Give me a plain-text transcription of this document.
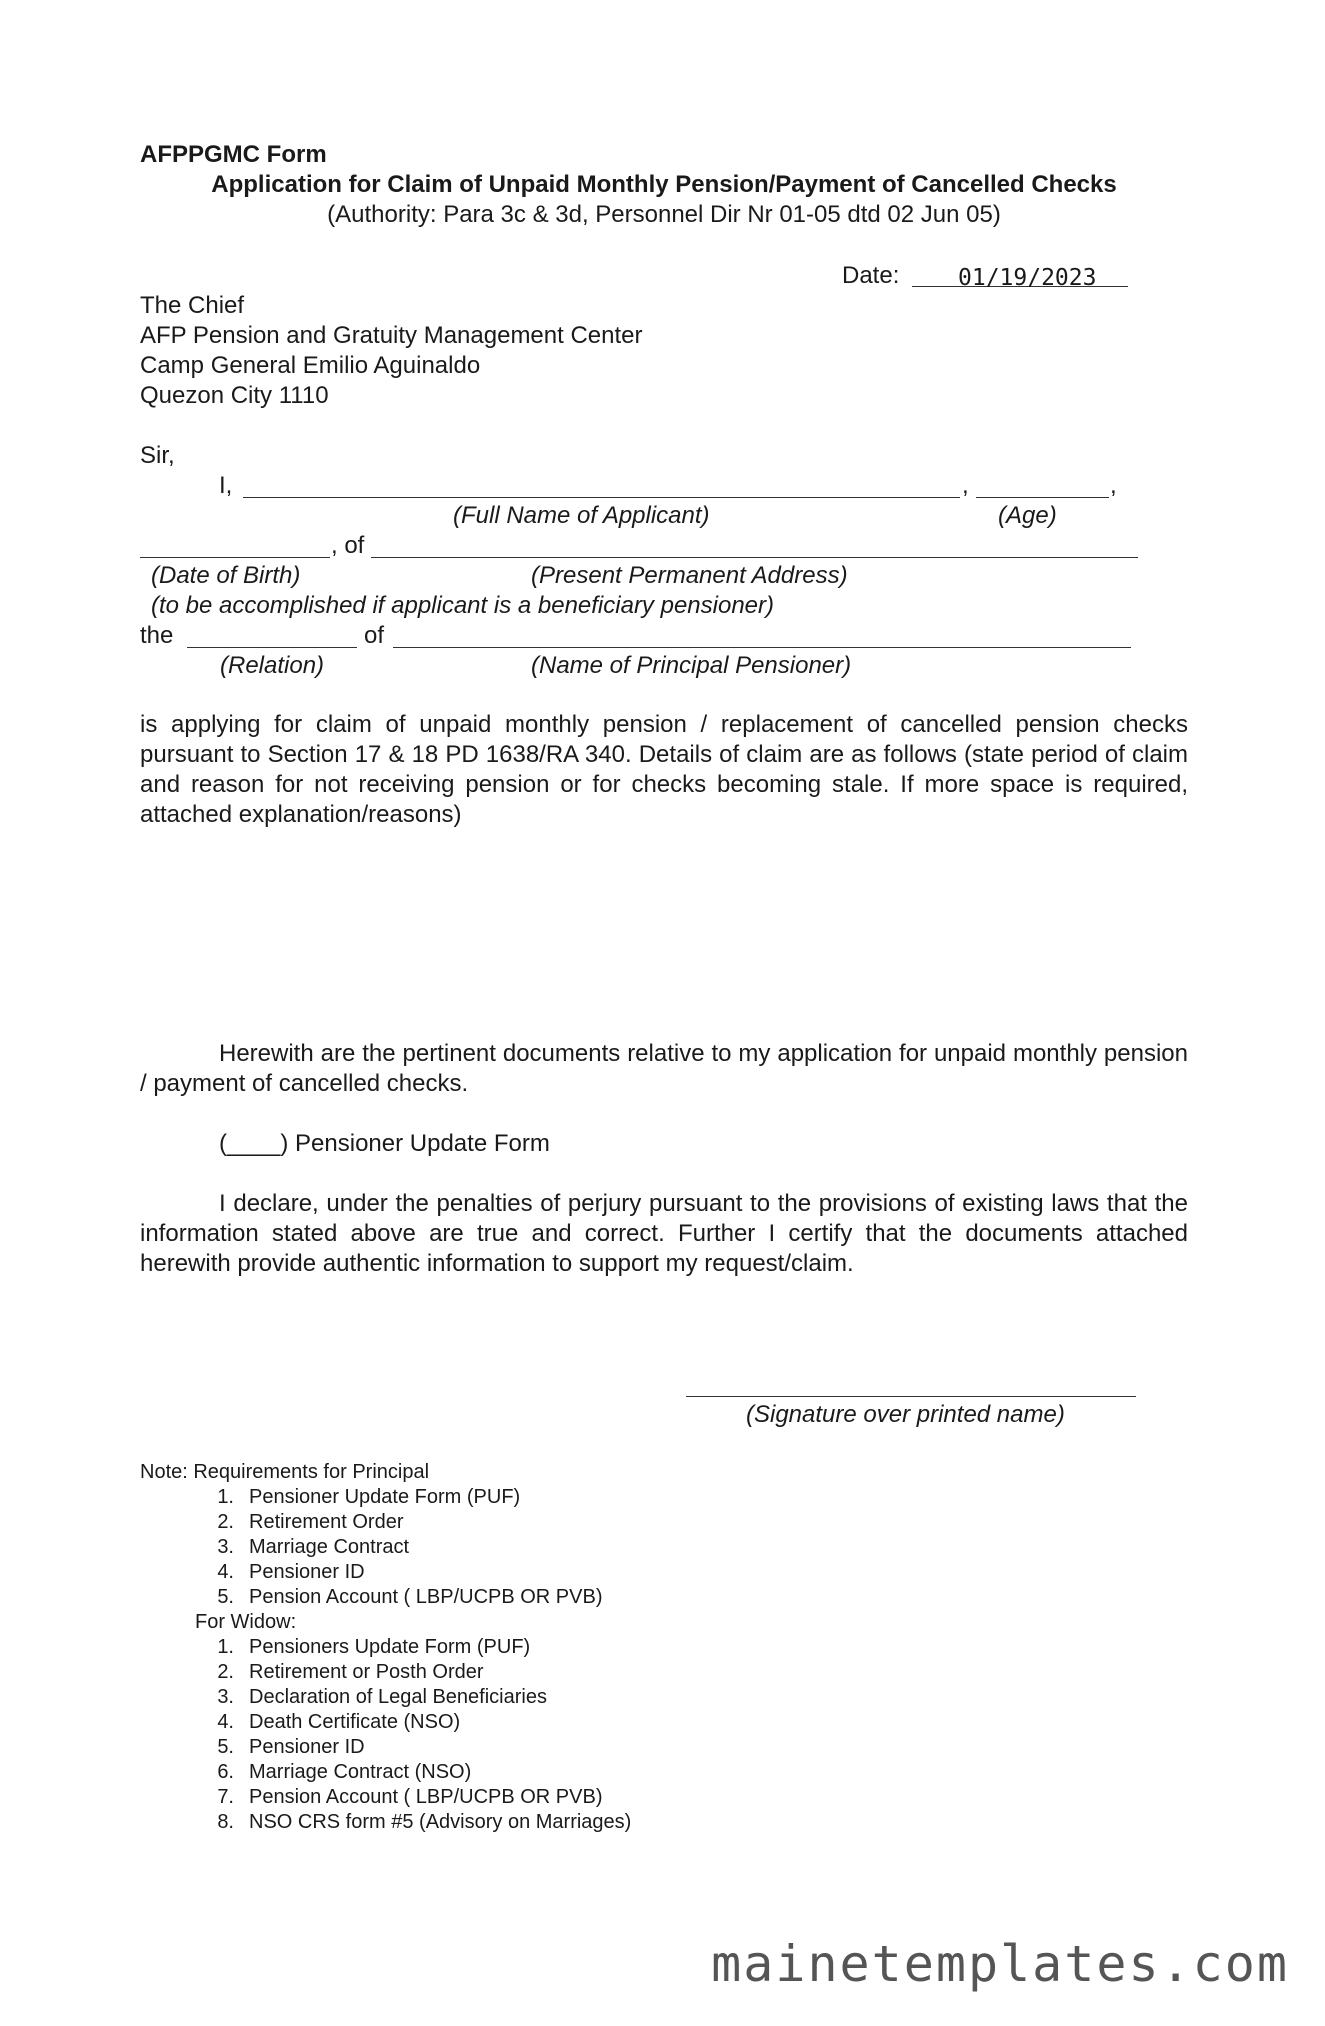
AFPPGMC Form
Application for Claim of Unpaid Monthly Pension/Payment of Cancelled Checks
(Authority: Para 3c & 3d, Personnel Dir Nr 01-05 dtd 02 Jun 05)
Date:	01/19/2023
The Chief
AFP Pension and Gratuity Management Center
Camp General Emilio Aguinaldo
Quezon City 1110
Sir,
I,	,	,
(Full Name of Applicant)	(Age)
, of
(Date of Birth)	(Present Permanent Address)
(to be accomplished if applicant is a beneficiary pensioner)
the	of
(Relation)	(Name of Principal Pensioner)
is applying for claim of unpaid monthly pension / replacement of cancelled pension checks pursuant to Section 17 & 18 PD 1638/RA 340. Details of claim are as follows (state period of claim and reason for not receiving pension or for checks becoming stale. If more space is required, attached explanation/reasons)
Herewith are the pertinent documents relative to my application for unpaid monthly pension / payment of cancelled checks.
(____) Pensioner Update Form
I declare, under the penalties of perjury pursuant to the provisions of existing laws that the information stated above are true and correct. Further I certify that the documents attached herewith provide authentic information to support my request/claim.
(Signature over printed name)
Note: Requirements for Principal
1. Pensioner Update Form (PUF)
2. Retirement Order
3. Marriage Contract
4. Pensioner ID
5. Pension Account ( LBP/UCPB OR PVB)
For Widow:
1. Pensioners Update Form (PUF)
2. Retirement or Posth Order
3. Declaration of Legal Beneficiaries
4. Death Certificate (NSO)
5. Pensioner ID
6. Marriage Contract (NSO)
7. Pension Account ( LBP/UCPB OR PVB)
8. NSO CRS form #5 (Advisory on Marriages)
mainetemplates.com
